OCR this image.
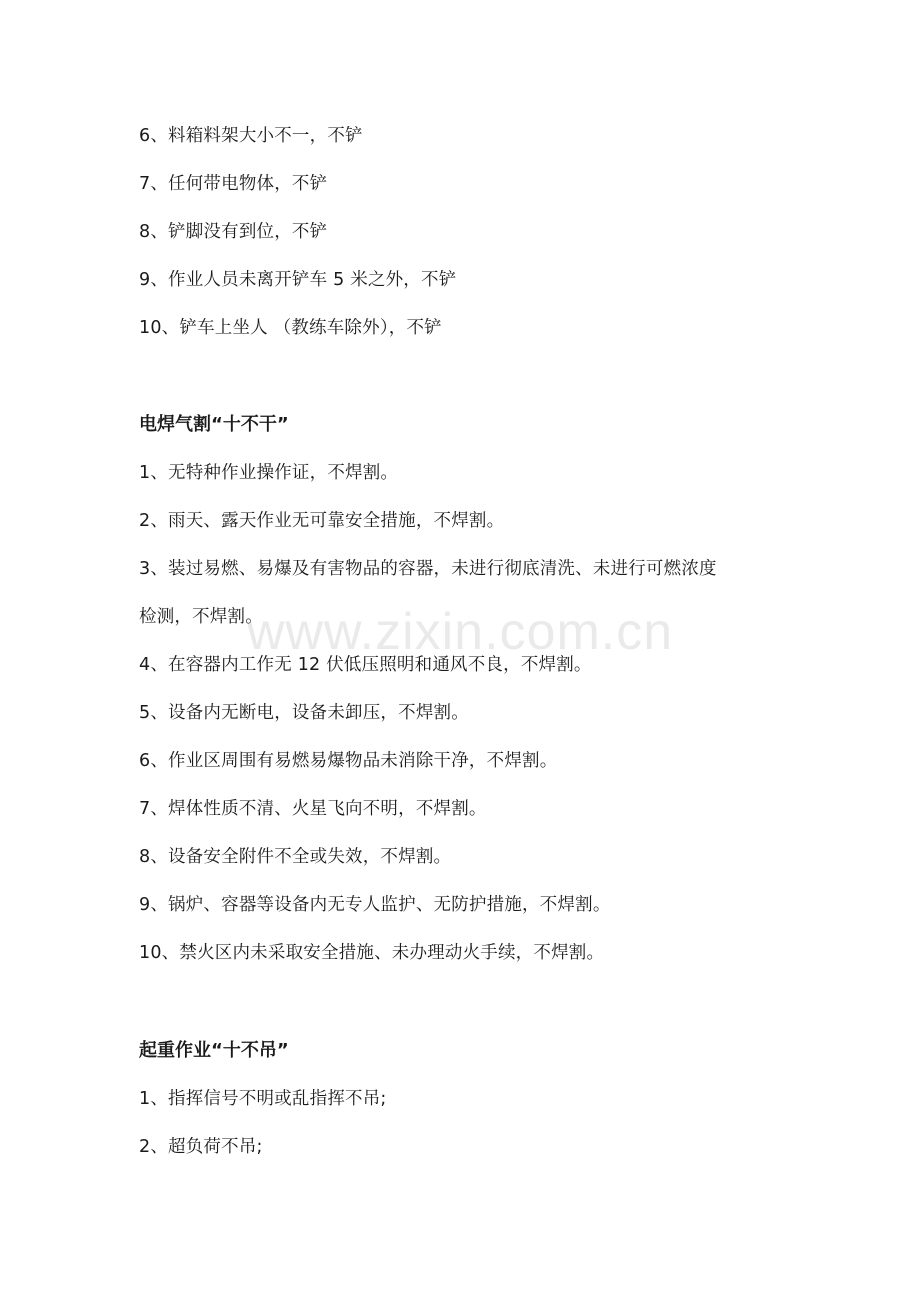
6、料箱料架大小不一，不铲
7、任何带电物体，不铲
8、铲脚没有到位，不铲
9、作业人员未离开铲车 5 米之外，不铲
10、铲车上坐人 （教练车除外），不铲
电焊气割“十不干”
1、无特种作业操作证，不焊割。
2、雨天、露天作业无可靠安全措施，不焊割。
3、装过易燃、易爆及有害物品的容器，未进行彻底清洗、未进行可燃浓度
检测，不焊割。
4、在容器内工作无 12 伏低压照明和通风不良，不焊割。
5、设备内无断电，设备未卸压，不焊割。
6、作业区周围有易燃易爆物品未消除干净，不焊割。
7、焊体性质不清、火星飞向不明，不焊割。
8、设备安全附件不全或失效，不焊割。
9、锅炉、容器等设备内无专人监护、无防护措施，不焊割。
10、禁火区内未采取安全措施、未办理动火手续，不焊割。
起重作业“十不吊”
1、指挥信号不明或乱指挥不吊;
2、超负荷不吊;
www.zixin.com.cn
